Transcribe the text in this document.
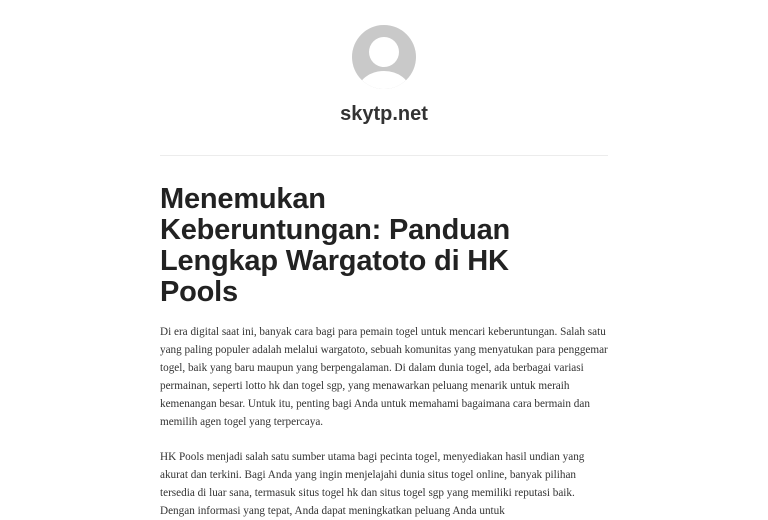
skytp.net
Menemukan Keberuntungan: Panduan Lengkap Wargatoto di HK Pools

Di era digital saat ini, banyak cara bagi para pemain togel untuk mencari keberuntungan. Salah satu yang paling populer adalah melalui wargatoto, sebuah komunitas yang menyatukan para penggemar togel, baik yang baru maupun yang berpengalaman. Di dalam dunia togel, ada berbagai variasi permainan, seperti lotto hk dan togel sgp, yang menawarkan peluang menarik untuk meraih kemenangan besar. Untuk itu, penting bagi Anda untuk memahami bagaimana cara bermain dan memilih agen togel yang terpercaya.

HK Pools menjadi salah satu sumber utama bagi pecinta togel, menyediakan hasil undian yang akurat dan terkini. Bagi Anda yang ingin menjelajahi dunia situs togel online, banyak pilihan tersedia di luar sana, termasuk situs togel hk dan situs togel sgp yang memiliki reputasi baik. Dengan informasi yang tepat, Anda dapat meningkatkan peluang Anda untuk
